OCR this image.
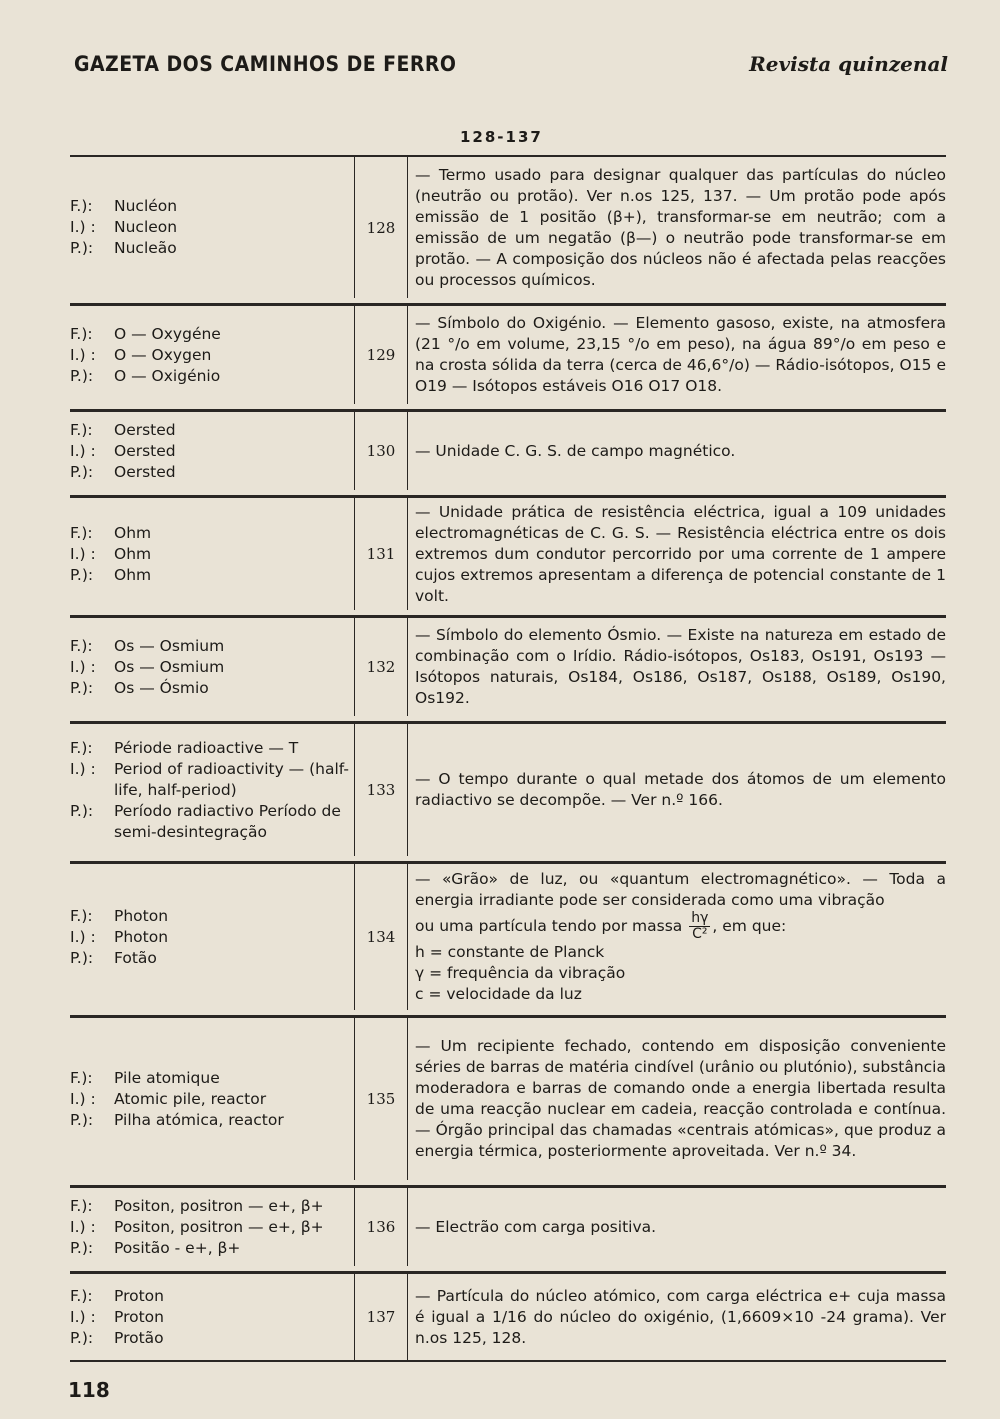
GAZETA DOS CAMINHOS DE FERRO	Revista quinzenal
128-137
F.):	Nucléon
I.) :	Nucleon
P.):	Nucleão
128
— Termo usado para designar qualquer das partículas do núcleo (neutrão ou protão). Ver n.os 125, 137. — Um protão pode após emissão de 1 positão (β+), transformar-se em neutrão; com a emissão de um negatão (β—) o neutrão pode transformar-se em protão. — A composição dos núcleos não é afectada pelas reacções ou processos químicos.
F.):	O — Oxygéne
I.) :	O — Oxygen
P.):	O — Oxigénio
129
— Símbolo do Oxigénio. — Elemento gasoso, existe, na atmosfera (21 °/o em volume, 23,15 °/o em peso), na água 89°/o em peso e na crosta sólida da terra (cerca de 46,6°/o) — Rádio-isótopos, O15 e O19 — Isótopos estáveis O16 O17 O18.
F.):	Oersted
I.) :	Oersted
P.):	Oersted
130	— Unidade C. G. S. de campo magnético.
F.):	Ohm
I.) :	Ohm
P.):	Ohm
131
— Unidade prática de resistência eléctrica, igual a 109 unidades electromagnéticas de C. G. S. — Resistência eléctrica entre os dois extremos dum condutor percorrido por uma corrente de 1 ampere cujos extremos apresentam a diferença de potencial constante de 1 volt.
F.):	Os — Osmium
I.) :	Os — Osmium
P.):	Os — Ósmio
132
— Símbolo do elemento Ósmio. — Existe na natureza em estado de combinação com o Irídio. Rádio-isótopos, Os183, Os191, Os193 — Isótopos naturais, Os184, Os186, Os187, Os188, Os189, Os190, Os192.
F.):	Période radioactive — T
I.) :	Period of radioactivity — (half-life, half-period)
P.):	Período radiactivo Período de semi-desintegração
133
— O tempo durante o qual metade dos átomos de um elemento radiactivo se decompõe. — Ver n.º 166.
F.):	Photon
I.) :	Photon
P.):	Fotão
134
— «Grão» de luz, ou «quantum electromagnético». — Toda a energia irradiante pode ser considerada como uma vibração
ou uma partícula tendo por massa $\frac{h\gamma}{\text{C²}}$ , em que:
h = constante de Planck
γ = frequência da vibração
c = velocidade da luz
F.):	Pile atomique
I.) :	Atomic pile, reactor
P.):	Pilha atómica, reactor
135
— Um recipiente fechado, contendo em disposição conveniente séries de barras de matéria cindível (urânio ou plutónio), substância moderadora e barras de comando onde a energia libertada resulta de uma reacção nuclear em cadeia, reacção controlada e contínua. — Órgão principal das chamadas «centrais atómicas», que produz a energia térmica, posteriormente aproveitada. Ver n.º 34.
F.):	Positon, positron — e+, β+
I.) :	Positon, positron — e+, β+
P.):	Positão - e+, β+
136	— Electrão com carga positiva.
F.):	Proton
I.) :	Proton
P.):	Protão
137
— Partícula do núcleo atómico, com carga eléctrica e+ cuja massa é igual a 1/16 do núcleo do oxigénio, (1,6609×10 -24 grama). Ver n.os 125, 128.
118
